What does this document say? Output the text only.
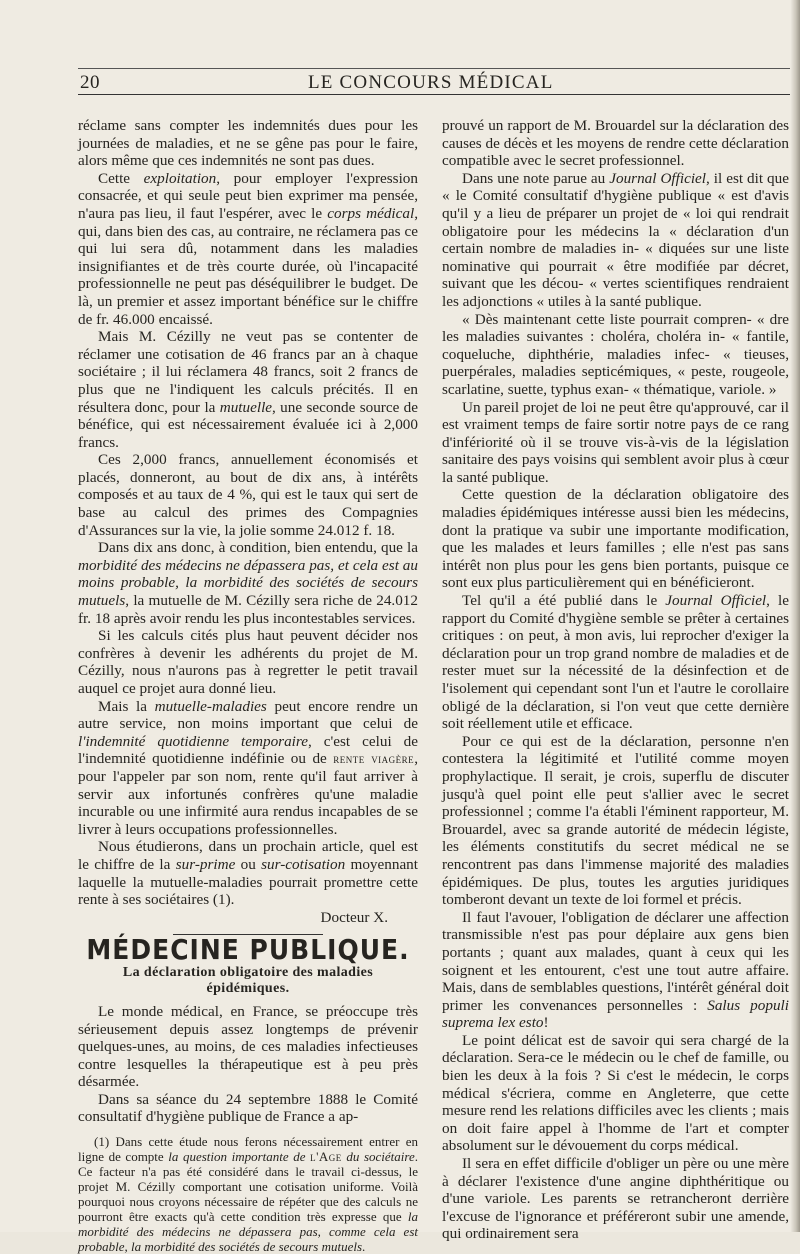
20	LE CONCOURS MÉDICAL

réclame sans compter les indemnités dues pour les journées de maladies, et ne se gêne pas pour le faire, alors même que ces indemnités ne sont pas dues.

Cette exploitation, pour employer l'expression consacrée, et qui seule peut bien exprimer ma pensée, n'aura pas lieu, il faut l'espérer, avec le corps médical, qui, dans bien des cas, au contraire, ne réclamera pas ce qui lui sera dû, notamment dans les maladies insignifiantes et de très courte durée, où l'incapacité professionnelle ne peut pas déséquilibrer le budget. De là, un premier et assez important bénéfice sur le chiffre de fr. 46.000 encaissé.

Mais M. Cézilly ne veut pas se contenter de réclamer une cotisation de 46 francs par an à chaque sociétaire ; il lui réclamera 48 francs, soit 2 francs de plus que ne l'indiquent les calculs précités. Il en résultera donc, pour la mutuelle, une seconde source de bénéfice, qui est nécessairement évaluée ici à 2,000 francs.

Ces 2,000 francs, annuellement économisés et placés, donneront, au bout de dix ans, à intérêts composés et au taux de 4 %, qui est le taux qui sert de base au calcul des primes des Compagnies d'Assurances sur la vie, la jolie somme 24.012 f. 18.

Dans dix ans donc, à condition, bien entendu, que la morbidité des médecins ne dépassera pas, et cela est au moins probable, la morbidité des sociétés de secours mutuels, la mutuelle de M. Cézilly sera riche de 24.012 fr. 18 après avoir rendu les plus incontestables services.

Si les calculs cités plus haut peuvent décider nos confrères à devenir les adhérents du projet de M. Cézilly, nous n'aurons pas à regretter le petit travail auquel ce projet aura donné lieu.

Mais la mutuelle-maladies peut encore rendre un autre service, non moins important que celui de l'indemnité quotidienne temporaire, c'est celui de l'indemnité quotidienne indéfinie ou de rente viagère, pour l'appeler par son nom, rente qu'il faut arriver à servir aux infortunés confrères qu'une maladie incurable ou une infirmité aura rendus incapables de se livrer à leurs occupations professionnelles.

Nous étudierons, dans un prochain article, quel est le chiffre de la sur-prime ou sur-cotisation moyennant laquelle la mutuelle-maladies pourrait promettre cette rente à ses sociétaires (1).

Docteur X.

MÉDECINE PUBLIQUE.
La déclaration obligatoire des maladies épidémiques.

Le monde médical, en France, se préoccupe très sérieusement depuis assez longtemps de prévenir quelques-unes, au moins, de ces maladies infectieuses contre lesquelles la thérapeutique est à peu près désarmée.

Dans sa séance du 24 septembre 1888 le Comité consultatif d'hygiène publique de France a ap-

(1) Dans cette étude nous ferons nécessairement entrer en ligne de compte la question importante de l'Age du sociétaire. Ce facteur n'a pas été considéré dans le travail ci-dessus, le projet M. Cézilly comportant une cotisation uniforme. Voilà pourquoi nous croyons nécessaire de répéter que des calculs ne pourront être exacts qu'à cette condition très expresse que la morbidité des médecins ne dépassera pas, comme cela est probable, la morbidité des sociétés de secours mutuels.

prouvé un rapport de M. Brouardel sur la déclaration des causes de décès et les moyens de rendre cette déclaration compatible avec le secret professionnel.

Dans une note parue au Journal Officiel, il est dit que « le Comité consultatif d'hygiène publique « est d'avis qu'il y a lieu de préparer un projet de « loi qui rendrait obligatoire pour les médecins la « déclaration d'un certain nombre de maladies in- « diquées sur une liste nominative qui pourrait « être modifiée par décret, suivant que les décou- « vertes scientifiques rendraient les adjonctions « utiles à la santé publique.

« Dès maintenant cette liste pourrait compren- « dre les maladies suivantes : choléra, choléra in- « fantile, coqueluche, diphthérie, maladies infec- « tieuses, puerpérales, maladies septicémiques, « peste, rougeole, scarlatine, suette, typhus exan- « thématique, variole. »

Un pareil projet de loi ne peut être qu'approuvé, car il est vraiment temps de faire sortir notre pays de ce rang d'infériorité où il se trouve vis-à-vis de la législation sanitaire des pays voisins qui semblent avoir plus à cœur la santé publique.

Cette question de la déclaration obligatoire des maladies épidémiques intéresse aussi bien les médecins, dont la pratique va subir une importante modification, que les malades et leurs familles ; elle n'est pas sans intérêt non plus pour les gens bien portants, puisque ce sont eux plus particulièrement qui en bénéficieront.

Tel qu'il a été publié dans le Journal Officiel, le rapport du Comité d'hygiène semble se prêter à certaines critiques : on peut, à mon avis, lui reprocher d'exiger la déclaration pour un trop grand nombre de maladies et de rester muet sur la nécessité de la désinfection et de l'isolement qui cependant sont l'un et l'autre le corollaire obligé de la déclaration, si l'on veut que cette dernière soit réellement utile et efficace.

Pour ce qui est de la déclaration, personne n'en contestera la légitimité et l'utilité comme moyen prophylactique. Il serait, je crois, superflu de discuter jusqu'à quel point elle peut s'allier avec le secret professionnel ; comme l'a établi l'éminent rapporteur, M. Brouardel, avec sa grande autorité de médecin légiste, les éléments constitutifs du secret médical ne se rencontrent pas dans l'immense majorité des maladies épidémiques. De plus, toutes les arguties juridiques tomberont devant un texte de loi formel et précis.

Il faut l'avouer, l'obligation de déclarer une affection transmissible n'est pas pour déplaire aux gens bien portants ; quant aux malades, quant à ceux qui les soignent et les entourent, c'est une tout autre affaire. Mais, dans de semblables questions, l'intérêt général doit primer les convenances personnelles : Salus populi suprema lex esto!

Le point délicat est de savoir qui sera chargé de la déclaration. Sera-ce le médecin ou le chef de famille, ou bien les deux à la fois ? Si c'est le médecin, le corps médical s'écriera, comme en Angleterre, que cette mesure rend les relations difficiles avec les clients ; mais on doit faire appel à l'homme de l'art et compter absolument sur le dévouement du corps médical.

Il sera en effet difficile d'obliger un père ou une mère à déclarer l'existence d'une angine diphthéritique ou d'une variole. Les parents se retrancheront derrière l'excuse de l'ignorance et préféreront subir une amende, qui ordinairement sera
